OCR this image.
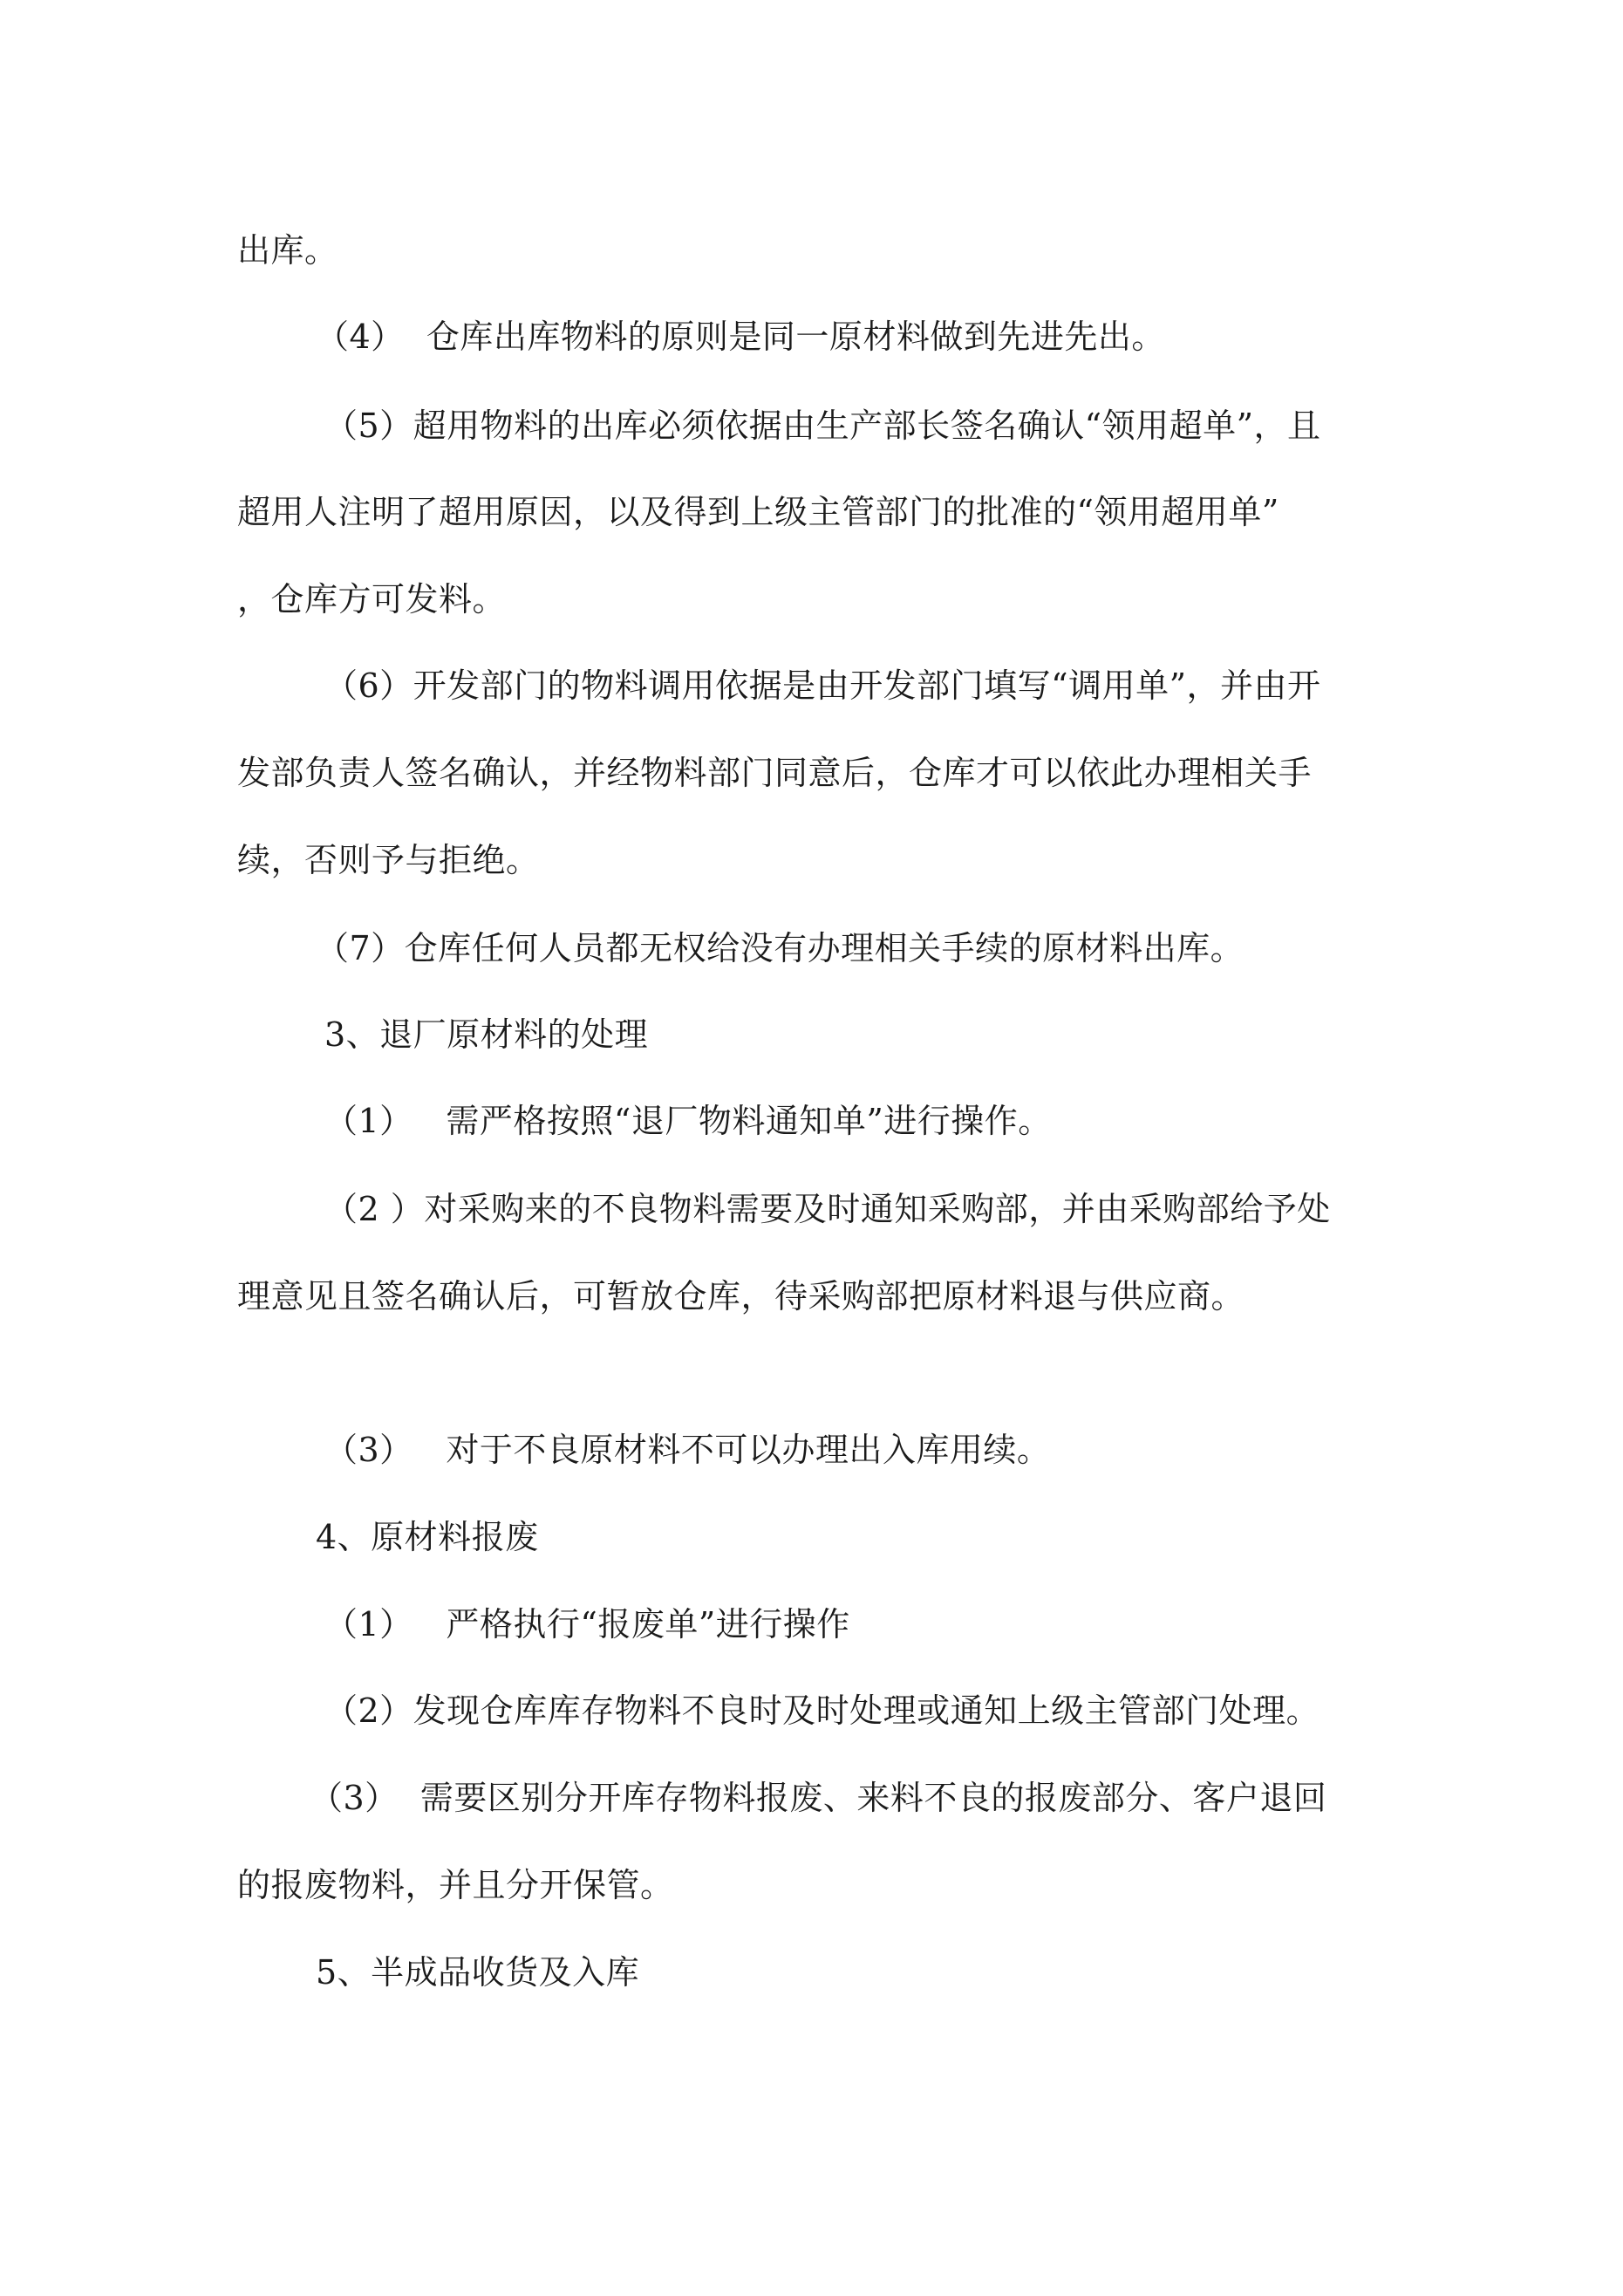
出库。
（4）  仓库出库物料的原则是同一原材料做到先进先出。
（5）超用物料的出库必须依据由生产部长签名确认“领用超单”，且
超用人注明了超用原因，以及得到上级主管部门的批准的“领用超用单”
，仓库方可发料。
（6）开发部门的物料调用依据是由开发部门填写“调用单”，并由开
发部负责人签名确认，并经物料部门同意后，仓库才可以依此办理相关手
续，否则予与拒绝。
（7）仓库任何人员都无权给没有办理相关手续的原材料出库。
3、退厂原材料的处理
（1）   需严格按照“退厂物料通知单”进行操作。
（2 ）对采购来的不良物料需要及时通知采购部，并由采购部给予处
理意见且签名确认后，可暂放仓库，待采购部把原材料退与供应商。
（3）   对于不良原材料不可以办理出入库用续。
4、原材料报废
（1）   严格执行“报废单”进行操作
（2）发现仓库库存物料不良时及时处理或通知上级主管部门处理。
（3）  需要区别分开库存物料报废、来料不良的报废部分、客户退回
的报废物料，并且分开保管。
5、半成品收货及入库
